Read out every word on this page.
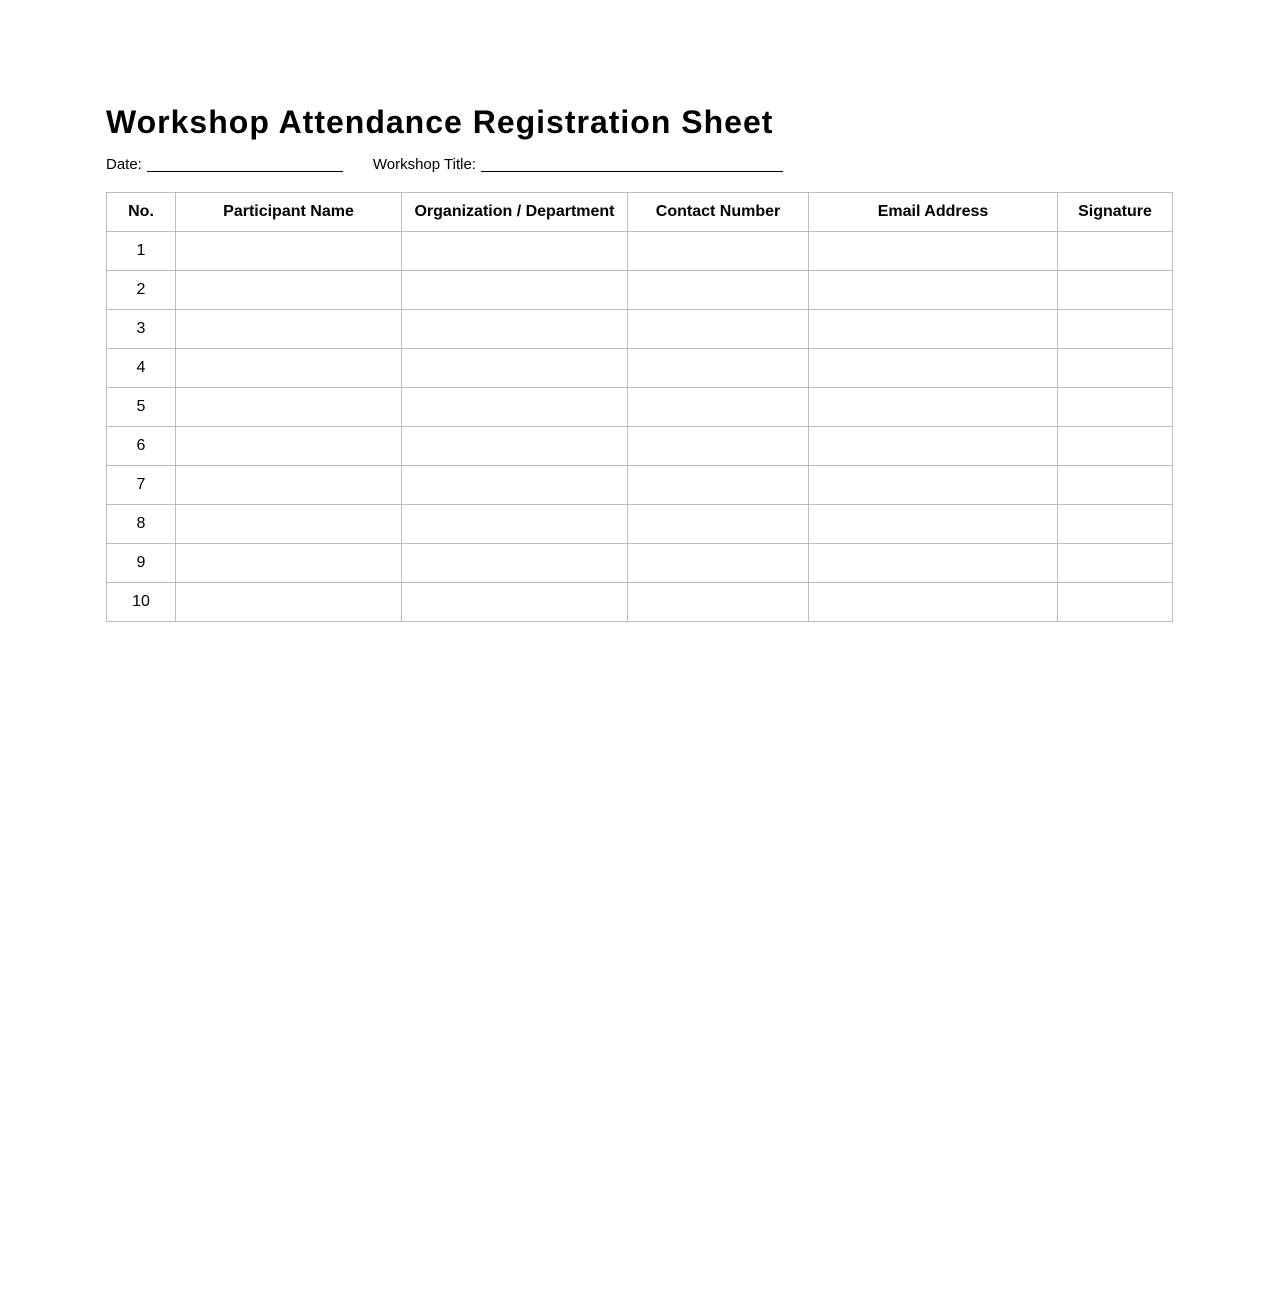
Workshop Attendance Registration Sheet
Date:	Workshop Title:
No.	Participant Name	Organization / Department	Contact Number	Email Address	Signature
1					
2					
3					
4					
5					
6					
7					
8					
9					
10					
